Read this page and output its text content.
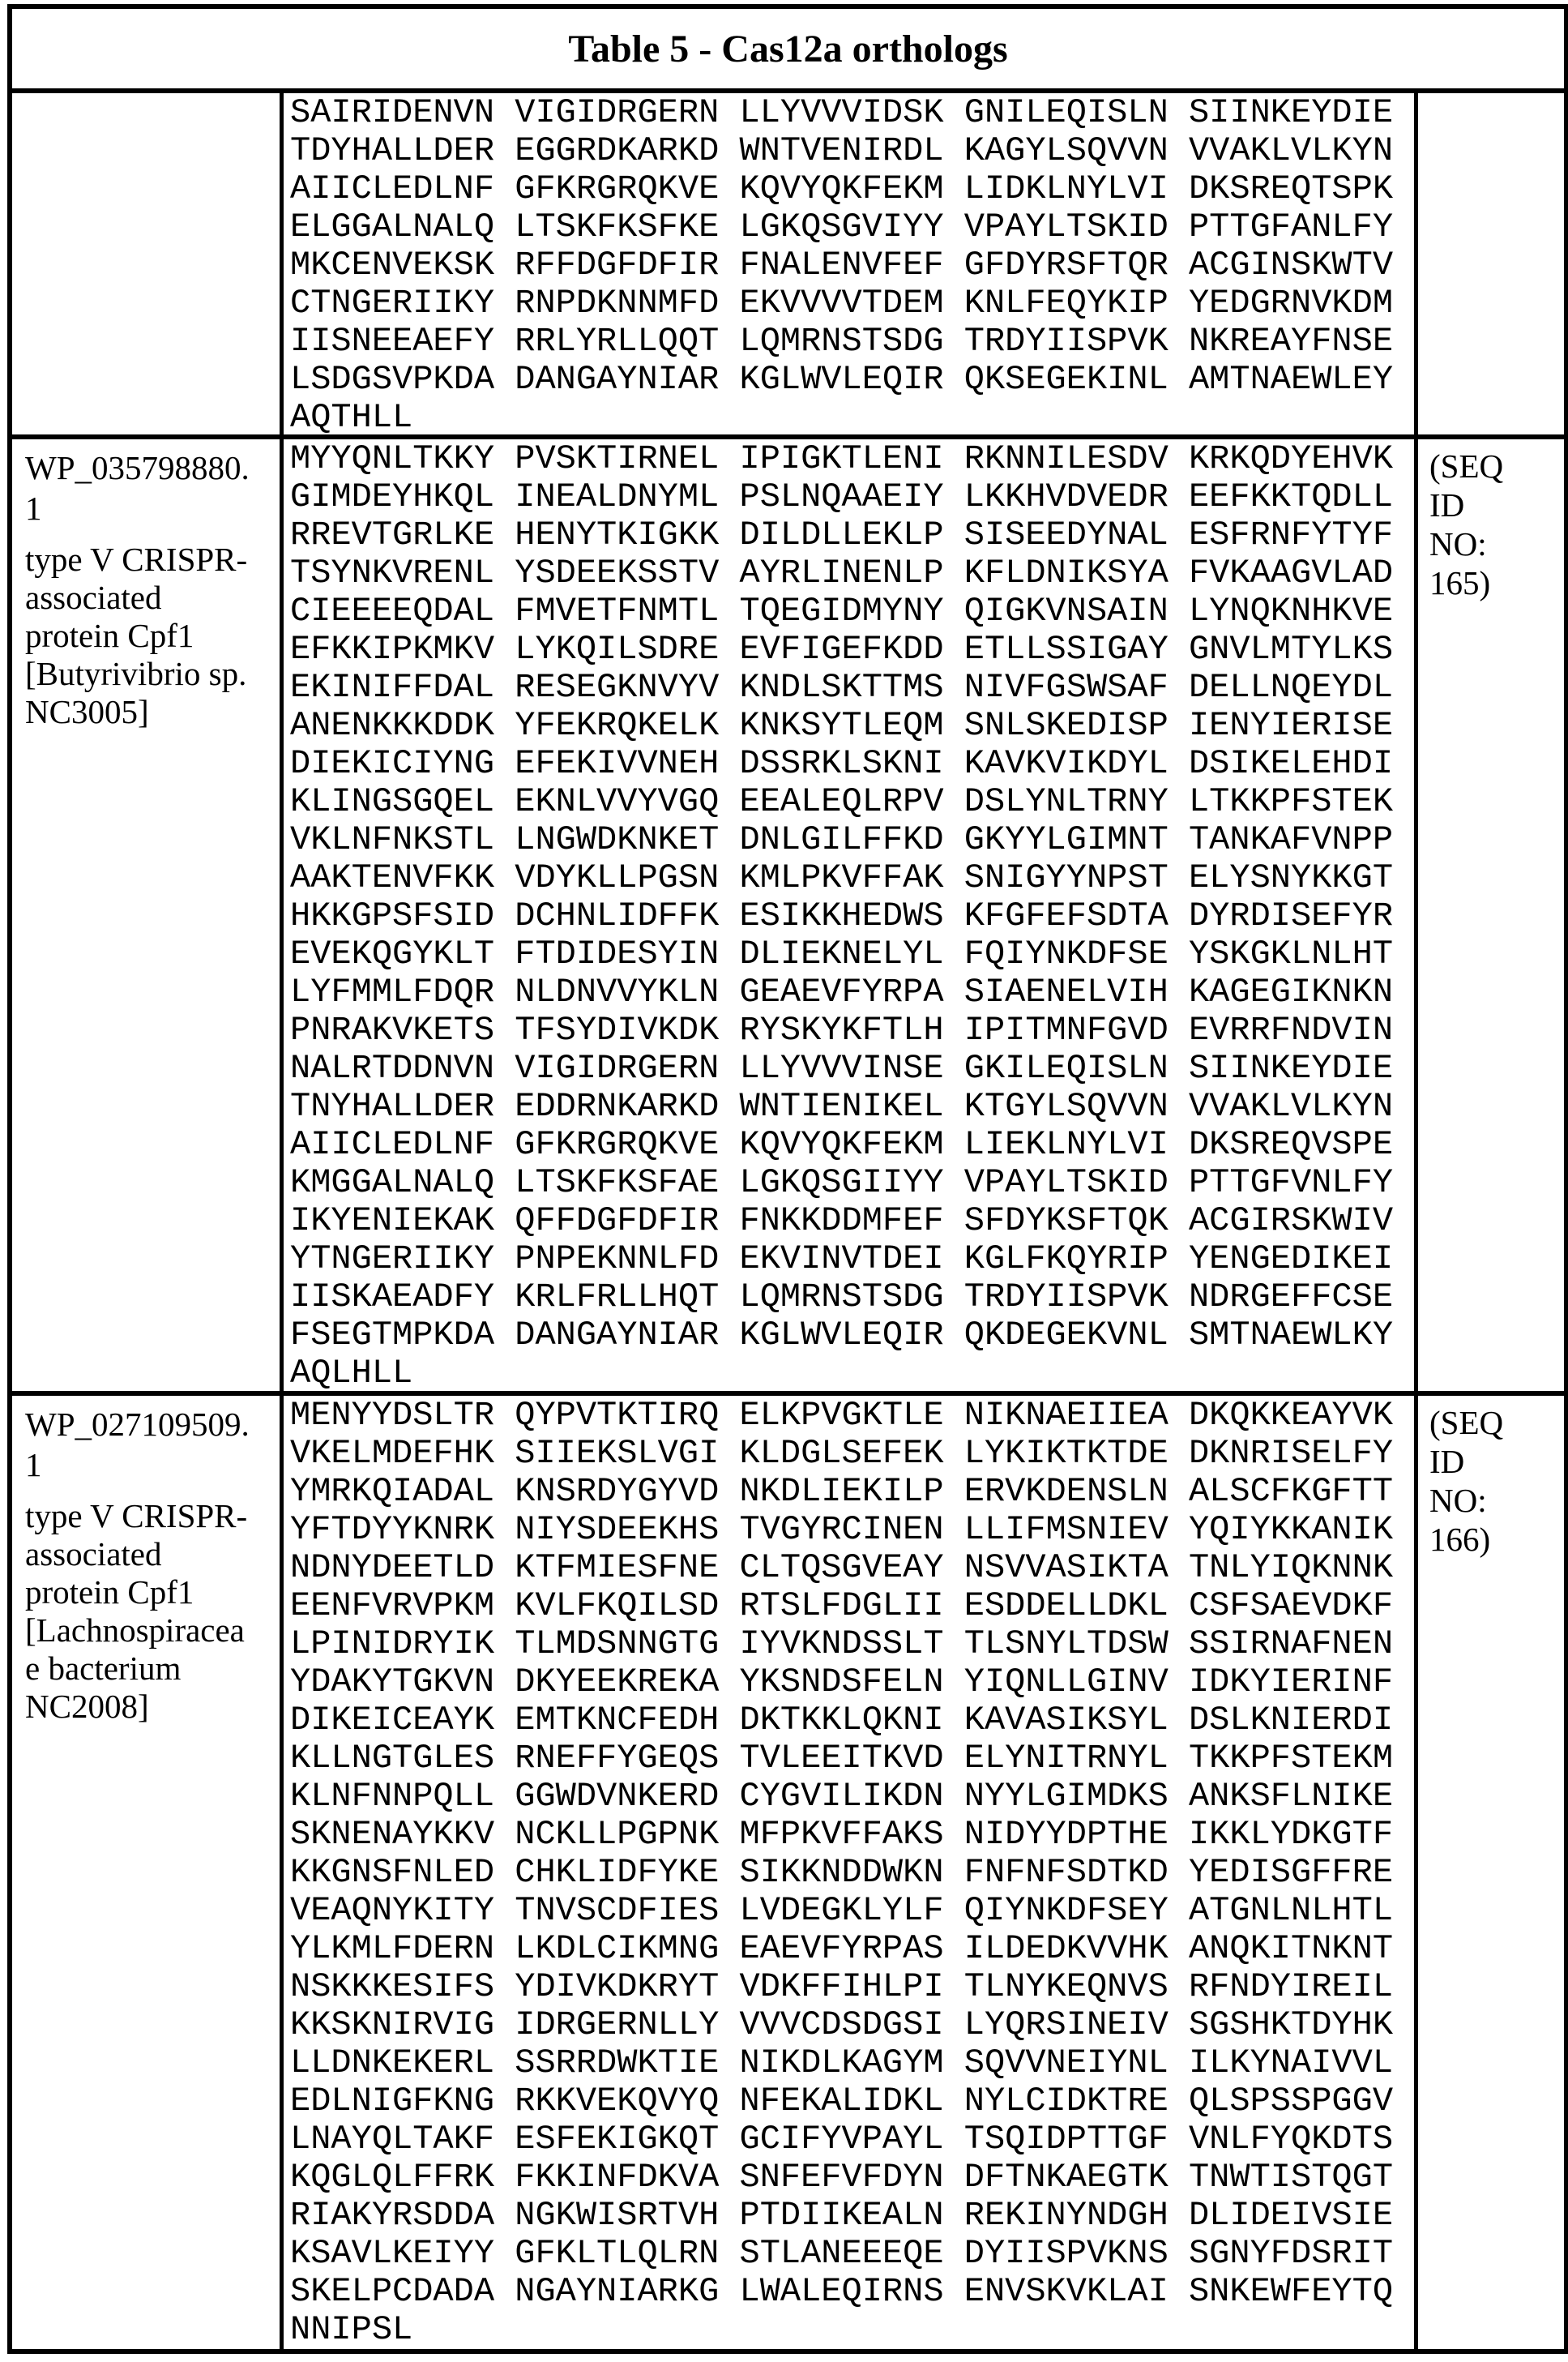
Table 5 - Cas12a orthologs
SAIRIDENVN VIGIDRGERN LLYVVVIDSK GNILEQISLN SIINKEYDIE
TDYHALLDER EGGRDKARKD WNTVENIRDL KAGYLSQVVN VVAKLVLKYN
AIICLEDLNF GFKRGRQKVE KQVYQKFEKM LIDKLNYLVI DKSREQTSPK
ELGGALNALQ LTSKFKSFKE LGKQSGVIYY VPAYLTSKID PTTGFANLFY
MKCENVEKSK RFFDGFDFIR FNALENVFEF GFDYRSFTQR ACGINSKWTV
CTNGERIIKY RNPDKNNMFD EKVVVVTDEM KNLFEQYKIP YEDGRNVKDM
IISNEEAEFY RRLYRLLQQT LQMRNSTSDG TRDYIISPVK NKREAYFNSE
LSDGSVPKDA DANGAYNIAR KGLWVLEQIR QKSEGEKINL AMTNAEWLEY
AQTHLL
WP_035798880.
1
type V CRISPR-
associated
protein Cpf1
[Butyrivibrio sp.
NC3005]
MYYQNLTKKY PVSKTIRNEL IPIGKTLENI RKNNILESDV KRKQDYEHVK
GIMDEYHKQL INEALDNYML PSLNQAAEIY LKKHVDVEDR EEFKKTQDLL
RREVTGRLKE HENYTKIGKK DILDLLEKLP SISEEDYNAL ESFRNFYTYF
TSYNKVRENL YSDEEKSSTV AYRLINENLP KFLDNIKSYA FVKAAGVLAD
CIEEEEQDAL FMVETFNMTL TQEGIDMYNY QIGKVNSAIN LYNQKNHKVE
EFKKIPKMKV LYKQILSDRE EVFIGEFKDD ETLLSSIGAY GNVLMTYLKS
EKINIFFDAL RESEGKNVYV KNDLSKTTMS NIVFGSWSAF DELLNQEYDL
ANENKKKDDK YFEKRQKELK KNKSYTLEQM SNLSKEDISP IENYIERISE
DIEKICIYNG EFEKIVVNEH DSSRKLSKNI KAVKVIKDYL DSIKELEHDI
KLINGSGQEL EKNLVVYVGQ EEALEQLRPV DSLYNLTRNY LTKKPFSTEK
VKLNFNKSTL LNGWDKNKET DNLGILFFKD GKYYLGIMNT TANKAFVNPP
AAKTENVFKK VDYKLLPGSN KMLPKVFFAK SNIGYYNPST ELYSNYKKGT
HKKGPSFSID DCHNLIDFFK ESIKKHEDWS KFGFEFSDTA DYRDISEFYR
EVEKQGYKLT FTDIDESYIN DLIEKNELYL FQIYNKDFSE YSKGKLNLHT
LYFMMLFDQR NLDNVVYKLN GEAEVFYRPA SIAENELVIH KAGEGIKNKN
PNRAKVKETS TFSYDIVKDK RYSKYKFTLH IPITMNFGVD EVRRFNDVIN
NALRTDDNVN VIGIDRGERN LLYVVVINSE GKILEQISLN SIINKEYDIE
TNYHALLDER EDDRNKARKD WNTIENIKEL KTGYLSQVVN VVAKLVLKYN
AIICLEDLNF GFKRGRQKVE KQVYQKFEKM LIEKLNYLVI DKSREQVSPE
KMGGALNALQ LTSKFKSFAE LGKQSGIIYY VPAYLTSKID PTTGFVNLFY
IKYENIEKAK QFFDGFDFIR FNKKDDMFEF SFDYKSFTQK ACGIRSKWIV
YTNGERIIKY PNPEKNNLFD EKVINVTDEI KGLFKQYRIP YENGEDIKEI
IISKAEADFY KRLFRLLHQT LQMRNSTSDG TRDYIISPVK NDRGEFFCSE
FSEGTMPKDA DANGAYNIAR KGLWVLEQIR QKDEGEKVNL SMTNAEWLKY
AQLHLL
(SEQ
ID
NO:
165)
WP_027109509.
1
type V CRISPR-
associated
protein Cpf1
[Lachnospiracea
e bacterium
NC2008]
MENYYDSLTR QYPVTKTIRQ ELKPVGKTLE NIKNAEIIEA DKQKKEAYVK
VKELMDEFHK SIIEKSLVGI KLDGLSEFEK LYKIKTKTDE DKNRISELFY
YMRKQIADAL KNSRDYGYVD NKDLIEKILP ERVKDENSLN ALSCFKGFTT
YFTDYYKNRK NIYSDEEKHS TVGYRCINEN LLIFMSNIEV YQIYKKANIK
NDNYDEETLD KTFMIESFNE CLTQSGVEAY NSVVASIKTA TNLYIQKNNK
EENFVRVPKM KVLFKQILSD RTSLFDGLII ESDDELLDKL CSFSAEVDKF
LPINIDRYIK TLMDSNNGTG IYVKNDSSLT TLSNYLTDSW SSIRNAFNEN
YDAKYTGKVN DKYEEKREKA YKSNDSFELN YIQNLLGINV IDKYIERINF
DIKEICEAYK EMTKNCFEDH DKTKKLQKNI KAVASIKSYL DSLKNIERDI
KLLNGTGLES RNEFFYGEQS TVLEEITKVD ELYNITRNYL TKKPFSTEKM
KLNFNNPQLL GGWDVNKERD CYGVILIKDN NYYLGIMDKS ANKSFLNIKE
SKNENAYKKV NCKLLPGPNK MFPKVFFAKS NIDYYDPTHE IKKLYDKGTF
KKGNSFNLED CHKLIDFYKE SIKKNDDWKN FNFNFSDTKD YEDISGFFRE
VEAQNYKITY TNVSCDFIES LVDEGKLYLF QIYNKDFSEY ATGNLNLHTL
YLKMLFDERN LKDLCIKMNG EAEVFYRPAS ILDEDKVVHK ANQKITNKNT
NSKKKESIFS YDIVKDKRYT VDKFFIHLPI TLNYKEQNVS RFNDYIREIL
KKSKNIRVIG IDRGERNLLY VVVCDSDGSI LYQRSINEIV SGSHKTDYHK
LLDNKEKERL SSRRDWKTIE NIKDLKAGYM SQVVNEIYNL ILKYNAIVVL
EDLNIGFKNG RKKVEKQVYQ NFEKALIDKL NYLCIDKTRE QLSPSSPGGV
LNAYQLTAKF ESFEKIGKQT GCIFYVPAYL TSQIDPTTGF VNLFYQKDTS
KQGLQLFFRK FKKINFDKVA SNFEFVFDYN DFTNKAEGTK TNWTISTQGT
RIAKYRSDDA NGKWISRTVH PTDIIKEALN REKINYNDGH DLIDEIVSIE
KSAVLKEIYY GFKLTLQLRN STLANEEEQE DYIISPVKNS SGNYFDSRIT
SKELPCDADA NGAYNIARKG LWALEQIRNS ENVSKVKLAI SNKEWFEYTQ
NNIPSL
(SEQ
ID
NO:
166)
